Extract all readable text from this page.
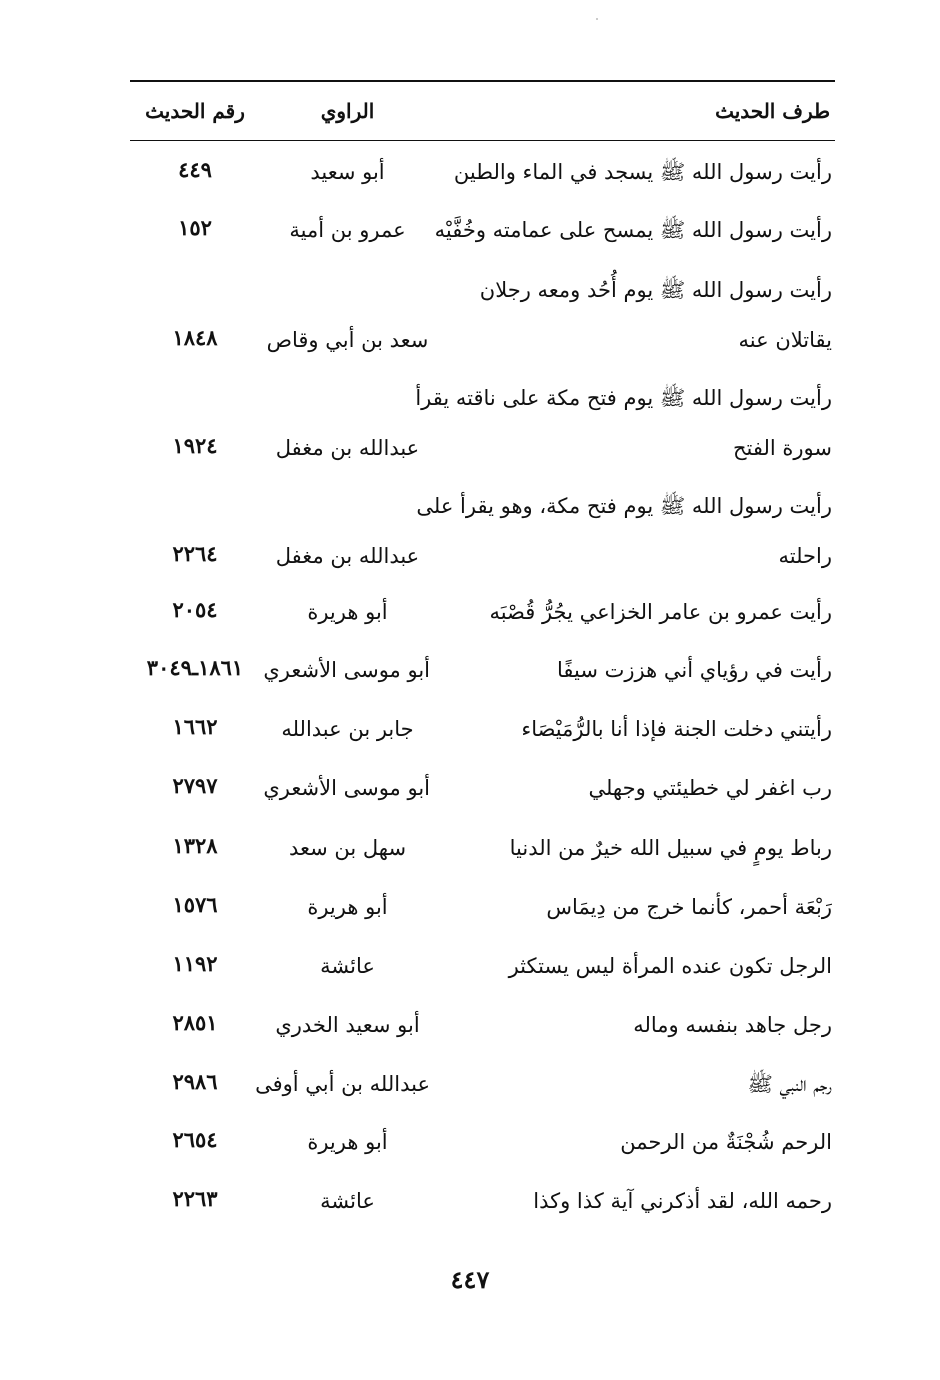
طرف الحديث
الراوي
رقم الحديث
رأيت رسول الله ﷺ يسجد في الماء والطين
أبو سعيد
٤٤٩
رأيت رسول الله ﷺ يمسح على عمامته وخُفَّيْه
عمرو بن أمية
١٥٢
رأيت رسول الله ﷺ يوم أُحُد ومعه رجلان
يقاتلان عنه
سعد بن أبي وقاص
١٨٤٨
رأيت رسول الله ﷺ يوم فتح مكة على ناقته يقرأ
سورة الفتح
عبدالله بن مغفل
١٩٢٤
رأيت رسول الله ﷺ يوم فتح مكة، وهو يقرأ على
راحلته
عبدالله بن مغفل
٢٢٦٤
رأيت عمرو بن عامر الخزاعي يجُرُّ قُصْبَه
أبو هريرة
٢٠٥٤
رأيت في رؤياي أني هززت سيفًا
أبو موسى الأشعري
١٨٦١ـ٣٠٤٩
رأيتني دخلت الجنة فإذا أنا بالرُّمَيْصَاء
جابر بن عبدالله
١٦٦٢
رب اغفر لي خطيئتي وجهلي
أبو موسى الأشعري
٢٧٩٧
رباط يومٍ في سبيل الله خيرٌ من الدنيا
سهل بن سعد
١٣٢٨
رَبْعَة أحمر، كأنما خرج من دِيمَاس
أبو هريرة
١٥٧٦
الرجل تكون عنده المرأة ليس يستكثر
عائشة
١١٩٢
رجل جاهد بنفسه وماله
أبو سعيد الخدري
٢٨٥١
رجم النبي ﷺ
عبدالله بن أبي أوفى
٢٩٨٦
الرحم شُجْنَةٌ من الرحمن
أبو هريرة
٢٦٥٤
رحمه الله، لقد أذكرني آية كذا وكذا
عائشة
٢٢٦٣
٤٤٧
